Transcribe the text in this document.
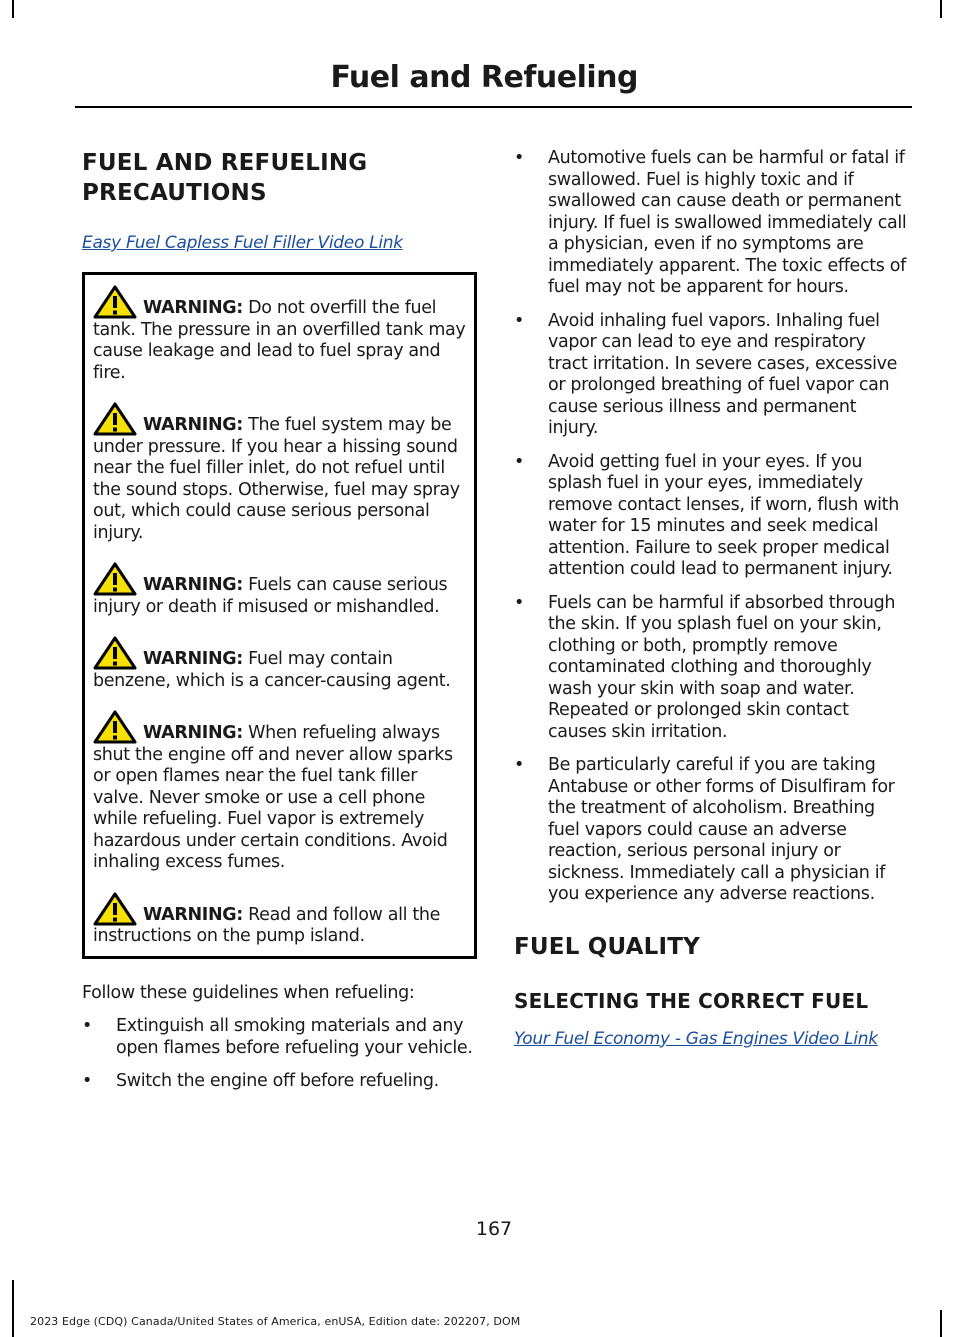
Fuel and Refueling
FUEL AND REFUELING
PRECAUTIONS
Easy Fuel Capless Fuel Filler Video Link
WARNING: Do not overfill the fuel tank. The pressure in an overfilled tank may cause leakage and lead to fuel spray and fire.
WARNING: The fuel system may be under pressure. If you hear a hissing sound near the fuel filler inlet, do not refuel until the sound stops. Otherwise, fuel may spray out, which could cause serious personal injury.
WARNING: Fuels can cause serious injury or death if misused or mishandled.
WARNING: Fuel may contain benzene, which is a cancer-causing agent.
WARNING: When refueling always shut the engine off and never allow sparks or open flames near the fuel tank filler valve. Never smoke or use a cell phone while refueling. Fuel vapor is extremely hazardous under certain conditions. Avoid inhaling excess fumes.
WARNING: Read and follow all the instructions on the pump island.

Follow these guidelines when refueling:

• Extinguish all smoking materials and any open flames before refueling your vehicle.
• Switch the engine off before refueling.
• Automotive fuels can be harmful or fatal if swallowed. Fuel is highly toxic and if swallowed can cause death or permanent injury. If fuel is swallowed immediately call a physician, even if no symptoms are immediately apparent. The toxic effects of fuel may not be apparent for hours.
• Avoid inhaling fuel vapors. Inhaling fuel vapor can lead to eye and respiratory tract irritation. In severe cases, excessive or prolonged breathing of fuel vapor can cause serious illness and permanent injury.
• Avoid getting fuel in your eyes. If you splash fuel in your eyes, immediately remove contact lenses, if worn, flush with water for 15 minutes and seek medical attention. Failure to seek proper medical attention could lead to permanent injury.
• Fuels can be harmful if absorbed through the skin. If you splash fuel on your skin, clothing or both, promptly remove contaminated clothing and thoroughly wash your skin with soap and water. Repeated or prolonged skin contact causes skin irritation.
• Be particularly careful if you are taking Antabuse or other forms of Disulfiram for the treatment of alcoholism. Breathing fuel vapors could cause an adverse reaction, serious personal injury or sickness. Immediately call a physician if you experience any adverse reactions.
FUEL QUALITY
SELECTING THE CORRECT FUEL
Your Fuel Economy - Gas Engines Video Link
167
2023 Edge (CDQ) Canada/United States of America, enUSA, Edition date: 202207, DOM
